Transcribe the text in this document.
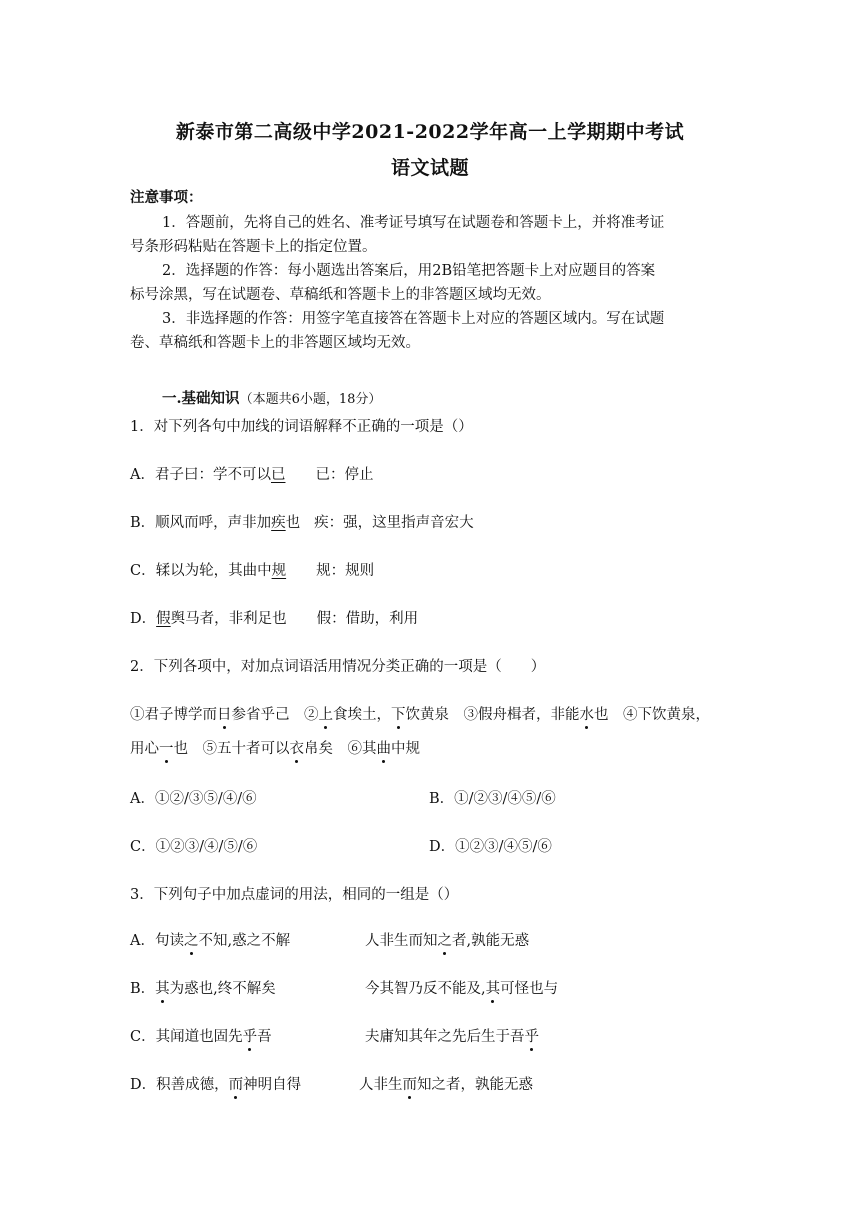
新泰市第二高级中学2021-2022学年高一上学期期中考试
语文试题
注意事项：
1．答题前，先将自己的姓名、准考证号填写在试题卷和答题卡上，并将准考证
号条形码粘贴在答题卡上的指定位置。
2．选择题的作答：每小题选出答案后，用2B铅笔把答题卡上对应题目的答案
标号涂黑，写在试题卷、草稿纸和答题卡上的非答题区域均无效。
3．非选择题的作答：用签字笔直接答在答题卡上对应的答题区域内。写在试题
卷、草稿纸和答题卡上的非答题区域均无效。
一.基础知识（本题共6小题，18分）
1．对下列各句中加线的词语解释不正确的一项是（）
A．君子曰：学不可以已 已：停止
B．顺风而呼，声非加疾也 疾：强，这里指声音宏大
C．𫐓以为轮，其曲中规 规：规则
D．假舆马者，非利足也 假：借助，利用
2．下列各项中，对加点词语活用情况分类正确的一项是（　　）
①君子博学而日参省乎己　②上食埃土，下饮黄泉　③假舟楫者，非能水也　④下饮黄泉，
用心一也　⑤五十者可以衣帛矣　⑥其曲中规
A．①②/③⑤/④/⑥	B．①/②③/④⑤/⑥
C．①②③/④/⑤/⑥	D．①②③/④⑤/⑥
3．下列句子中加点虚词的用法，相同的一组是（）
A．句读之不知,惑之不解	人非生而知之者,孰能无惑
B．其为惑也,终不解矣	今其智乃反不能及,其可怪也与
C．其闻道也固先乎吾	夫庸知其年之先后生于吾乎
D．积善成德，而神明自得	人非生而知之者，孰能无惑
